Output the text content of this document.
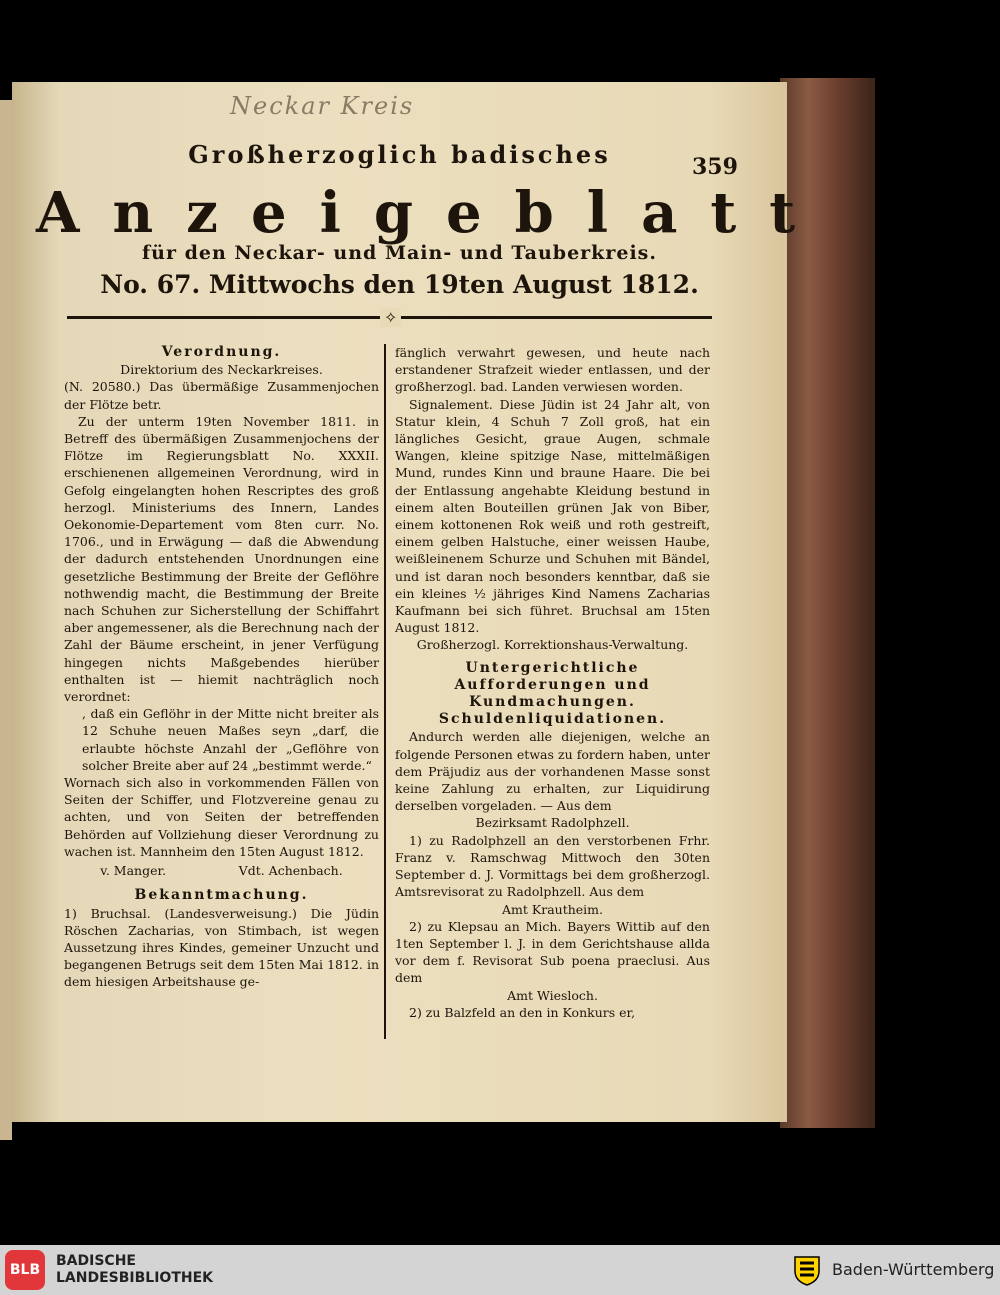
Neckar Kreis
Großherzoglich badisches	359
Anzeigeblatt
für den Neckar- und Main- und Tauberkreis.
No. 67. Mittwochs den 19ten August 1812.
✧

Verordnung.

Direktorium des Neckarkreises.

(N. 20580.) Das übermäßige Zusammenjochen der Flötze betr.

Zu der unterm 19ten November 1811. in Betreff des übermäßigen Zusammenjochens der Flötze im Regierungsblatt No. XXXII. erschienenen allgemeinen Verordnung, wird in Gefolg eingelangten hohen Rescriptes des groß herzogl. Ministeriums des Innern, Landes Oekonomie-Departement vom 8ten curr. No. 1706., und in Erwägung — daß die Abwendung der dadurch entstehenden Unordnungen eine gesetzliche Bestimmung der Breite der Geflöhre nothwendig macht, die Bestimmung der Breite nach Schuhen zur Sicherstellung der Schiffahrt aber angemessener, als die Berechnung nach der Zahl der Bäume erscheint, in jener Verfügung hingegen nichts Maßgebendes hierüber enthalten ist — hiemit nachträglich noch verordnet:

, daß ein Geflöhr in der Mitte nicht breiter als 12 Schuhe neuen Maßes seyn „darf, die erlaubte höchste Anzahl der „Geflöhre von solcher Breite aber auf 24 „bestimmt werde.“

Wornach sich also in vorkommenden Fällen von Seiten der Schiffer, und Flotzvereine genau zu achten, und von Seiten der betreffenden Behörden auf Vollziehung dieser Verordnung zu wachen ist. Mannheim den 15ten August 1812.

v. Manger.	Vdt. Achenbach.

Bekanntmachung.

1) Bruchsal. (Landesverweisung.) Die Jüdin Röschen Zacharias, von Stimbach, ist wegen Aussetzung ihres Kindes, gemeiner Unzucht und begangenen Betrugs seit dem 15ten Mai 1812. in dem hiesigen Arbeitshause ge-

fänglich verwahrt gewesen, und heute nach erstandener Strafzeit wieder entlassen, und der großherzogl. bad. Landen verwiesen worden.

Signalement. Diese Jüdin ist 24 Jahr alt, von Statur klein, 4 Schuh 7 Zoll groß, hat ein längliches Gesicht, graue Augen, schmale Wangen, kleine spitzige Nase, mittelmäßigen Mund, rundes Kinn und braune Haare. Die bei der Entlassung angehabte Kleidung bestund in einem alten Bouteillen grünen Jak von Biber, einem kottonenen Rok weiß und roth gestreift, einem gelben Halstuche, einer weissen Haube, weißleinenem Schurze und Schuhen mit Bändel, und ist daran noch besonders kenntbar, daß sie ein kleines ½ jähriges Kind Namens Zacharias Kaufmann bei sich führet. Bruchsal am 15ten August 1812.

Großherzogl. Korrektionshaus-Verwaltung.

Untergerichtliche Aufforderungen und Kundmachungen.

Schuldenliquidationen.

Andurch werden alle diejenigen, welche an folgende Personen etwas zu fordern haben, unter dem Präjudiz aus der vorhandenen Masse sonst keine Zahlung zu erhalten, zur Liquidirung derselben vorgeladen. — Aus dem

Bezirksamt Radolphzell.

1) zu Radolphzell an den verstorbenen Frhr. Franz v. Ramschwag Mittwoch den 30ten September d. J. Vormittags bei dem großherzogl. Amtsrevisorat zu Radolphzell. Aus dem

Amt Krautheim.

2) zu Klepsau an Mich. Bayers Wittib auf den 1ten September l. J. in dem Gerichtshause allda vor dem f. Revisorat Sub poena praeclusi. Aus dem

Amt Wiesloch.

2) zu Balzfeld an den in Konkurs er,

BLB
BADISCHE
LANDESBIBLIOTHEK	Baden-Württemberg
